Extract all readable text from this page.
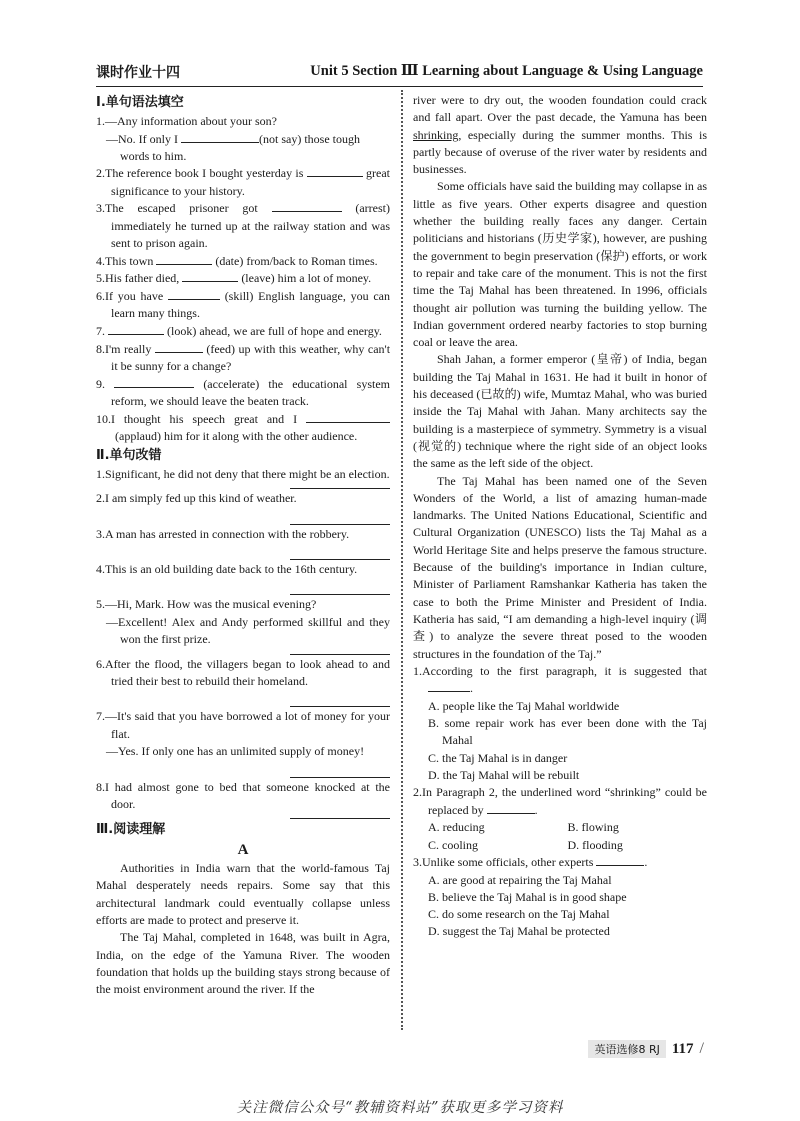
课时作业十四	Unit 5 Section Ⅲ Learning about Language & Using Language
Ⅰ.单句语法填空
1.—Any information about your son?
—No. If only I	(not say) those tough
words to him.
2.The reference book I bought yesterday is	great significance to your history.
3.The escaped prisoner got	(arrest) immediately he turned up at the railway station and was sent to prison again.
4.This town	(date) from/back to Roman times.
5.His father died,	(leave) him a lot of money.
6.If you have	(skill) English language, you can learn many things.
7.	(look) ahead, we are full of hope and energy.
8.I'm really	(feed) up with this weather, why can't it be sunny for a change?
9.	(accelerate) the educational system reform, we should leave the beaten track.
10.I thought his speech great and I  (applaud) him for it along with the other audience.
Ⅱ.单句改错
1.Significant, he did not deny that there might be an election.
2.I am simply fed up this kind of weather.
3.A man has arrested in connection with the robbery.
4.This is an old building date back to the 16th century.
5.—Hi, Mark. How was the musical evening?
—Excellent! Alex and Andy performed skillful and they won the first prize.
6.After the flood, the villagers began to look ahead to and tried their best to rebuild their homeland.
7.—It's said that you have borrowed a lot of money for your flat.
—Yes. If only one has an unlimited supply of money!
8.I had almost gone to bed that someone knocked at the door.
Ⅲ.阅读理解
A
Authorities in India warn that the world-famous Taj Mahal desperately needs repairs. Some say that this architectural landmark could eventually collapse unless efforts are made to protect and preserve it.
The Taj Mahal, completed in 1648, was built in Agra, India, on the edge of the Yamuna River. The wooden foundation that holds up the building stays strong because of the moist environment around the river. If the
river were to dry out, the wooden foundation could crack and fall apart. Over the past decade, the Yamuna has been shrinking, especially during the summer months. This is partly because of overuse of the river water by residents and businesses.
Some officials have said the building may collapse in as little as five years. Other experts disagree and question whether the building really faces any danger. Certain politicians and historians (历史学家), however, are pushing the government to begin preservation (保护) efforts, or work to repair and take care of the monument. This is not the first time the Taj Mahal has been threatened. In 1996, officials thought air pollution was turning the building yellow. The Indian government ordered nearby factories to stop burning coal or leave the area.
Shah Jahan, a former emperor (皇帝) of India, began building the Taj Mahal in 1631. He had it built in honor of his deceased (已故的) wife, Mumtaz Mahal, who was buried inside the Taj Mahal with Jahan. Many architects say the building is a masterpiece of symmetry. Symmetry is a visual (视觉的) technique where the right side of an object looks the same as the left side of the object.
The Taj Mahal has been named one of the Seven Wonders of the World, a list of amazing human-made landmarks. The United Nations Educational, Scientific and Cultural Organization (UNESCO) lists the Taj Mahal as a World Heritage Site and helps preserve the famous structure. Because of the building's importance in Indian culture, Minister of Parliament Ramshankar Katheria has taken the case to both the Prime Minister and President of India. Katheria has said, “I am demanding a high-level inquiry (调查) to analyze the severe threat posed to the wooden structures in the foundation of the Taj.”
1.According to the first paragraph, it is suggested that .
A. people like the Taj Mahal worldwide
B. some repair work has ever been done with the Taj Mahal
C. the Taj Mahal is in danger
D. the Taj Mahal will be rebuilt
2.In Paragraph 2, the underlined word “shrinking” could be replaced by	.
A. reducing	B. flowing
C. cooling	D. flooding
3.Unlike some officials, other experts	.
A. are good at repairing the Taj Mahal
B. believe the Taj Mahal is in good shape
C. do some research on the Taj Mahal
D. suggest the Taj Mahal be protected
英语选修8 RJ 117 /
关注微信公众号“教辅资料站”获取更多学习资料
